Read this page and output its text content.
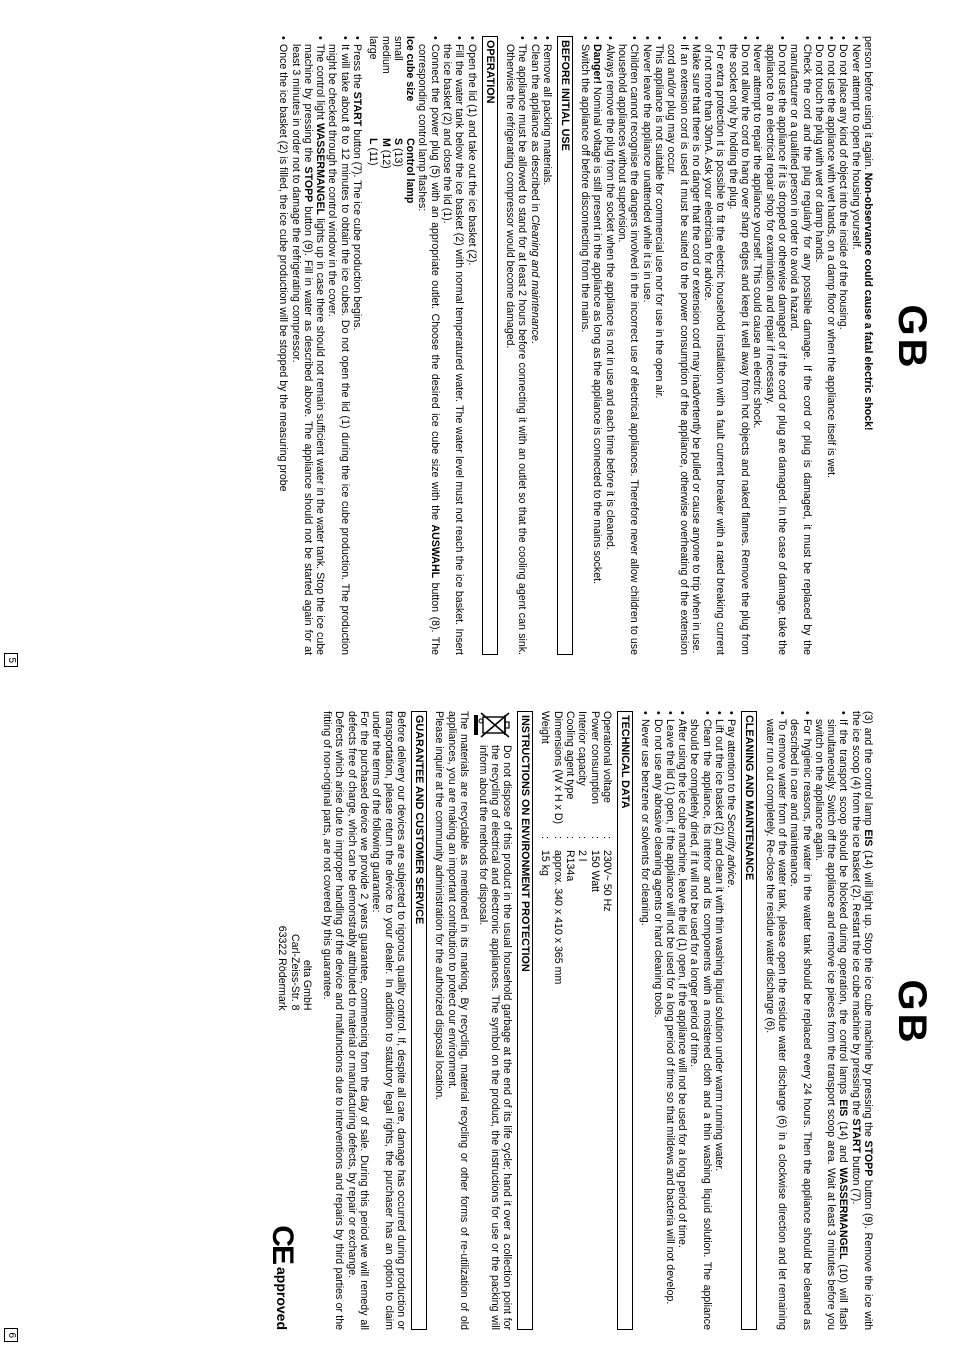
GB

person before using it again. Non-observance could cause a fatal electric shock!

• Never attempt to open the housing yourself.

• Do not place any kind of object into the inside of the housing.

• Do not use the appliance with wet hands, on a damp floor or when the appliance itself is wet.

• Do not touch the plug with wet or damp hands.

• Check the cord and the plug regularly for any possible damage. If the cord or plug is damaged, it must be replaced by the manufacturer or a qualified person in order to avoid a hazard.

• Do not use the appliance if it is dropped or otherwise damaged or if the cord or plug are damaged. In the case of damage, take the appliance to an electrical repair shop for examination and repair if necessary.

• Never attempt to repair the appliance yourself. This could cause an electric shock.

• Do not allow the cord to hang over sharp edges and keep it well away from hot objects and naked flames. Remove the plug from the socket only by holding the plug.

• For extra protection it is possible to fit the electric household installation with a fault current breaker with a rated breaking current of not more than 30mA. Ask your electrician for advice.

• Make sure that there is no danger that the cord or extension cord may inadvertently be pulled or cause anyone to trip when in use.

• If an extension cord is used it must be suited to the power consumption of the appliance, otherwise overheating of the extension cord and/or plug may occur.

• This appliance is not suitable for commercial use nor for use in the open air.

• Never leave the appliance unattended while it is in use.

• Children cannot recognise the dangers involved in the incorrect use of electrical appliances. Therefore never allow children to use household appliances without supervision.

• Always remove the plug from the socket when the appliance is not in use and each time before it is cleaned.

• Danger! Nominal voltage is still present in the appliance as long as the appliance is connected to the mains socket.

• Switch the appliance off before disconnecting from the mains.

BEFORE INITIAL USE

• Remove all packing materials.

• Clean the appliance as described in Cleaning and maintenance.

• The appliance must be allowed to stand for at least 2 hours before connecting it with an outlet so that the cooling agent can sink. Otherwise the refrigerating compressor would become damaged.

OPERATION

• Open the lid (1) and take out the ice basket (2).

• Fill the water tank below the ice basket (2) with normal temperatured water. The water level must not reach the ice basket. Insert the ice basket (2) and close the lid (1).

• Connect the power plug (5) with an appropriate outlet. Choose the desired ice cube size with the AUSWAHL button (8). The corresponding control lamp flashes:

Ice cube size
Control lamp
small
S (13)
medium
M (12)
large
L (11)

• Press the START button (7). The ice cube production begins.

• It will take about 8 to 12 minutes to obtain the ice cubes. Do not open the lid (1) during the ice cube production. The production might be checked through the control window in the cover.

• The control light WASSERMANGEL lights up in case there should not remain sufficient water in the water tank. Stop the ice cube machine by pressing the STOPP button (9). Fill in water as described above. The appliance should not be started again for at least 3 minutes in order not to damage the refrigerating compressor.

• Once the ice basket (2) is filled, the ice cube production will be stopped by the measuring probe

5
GB

(3) and the control lamp EIS (14) will light up. Stop the ice cube machine by pressing the STOPP button (9). Remove the ice with the ice scoop (4) from the ice basket (2). Restart the ice cube machine by pressing the START button (7).

• If the transport scoop should be blocked during operation, the control lamps EIS (14) and WASSERMANGEL (10) will flash simultaneously. Switch off the appliance and remove ice pieces from the transport scoop area. Wait at least 3 minutes before you switch on the appliance again.

• For hygienic reasons, the water in the water tank should be replaced every 24 hours. Then the appliance should be cleaned as described in care and maintenance.

• To remove water from of the water tank, please open the residue water discharge (6) in a clockwise direction and let remaining water run out completely. Re-close the residue water discharge (6).

CLEANING AND MAINTENANCE

• Pay attention to the Security advice.

• Lift out the ice basket (2) and clean it with thin washing liquid solution under warm running water.

• Clean the appliance, its interior and its components with a moistened cloth and a thin washing liquid solution. The appliance should be completely dried, if it will not be used for a longer period of time.

• After using the ice cube machine, leave the lid (1) open, if the appliance will not be used for a long period of time.

• Leave the lid (1) open, if the appliance will not be used for a long period of time so that mildews and bacteria will not develop.

• Do not use any abrasive cleaning agents or hard cleaning tools.

• Never use benzene or solvents for cleaning.

TECHNICAL DATA
Operational voltage
:
230V~ 50 Hz
Power consumption
:
150 Watt
Interior capacity
:
2 l
Cooling agent type
:
R134a
Dimensions (W x H x D)
:
approx. 340 x 410 x 365 mm
Weight
:
15 kg
INSTRUCTIONS ON ENVIRONMENT PROTECTION

Do not dispose of this product in the usual household garbage at the end of its life cycle; hand it over a collection point for the recycling of electrical and electronic appliances. The symbol on the product, the instructions for use or the packing will inform about the methods for disposal.

The materials are recyclable as mentioned in its marking. By recycling, material recycling or other forms of re-utilization of old appliances, you are making an important contribution to protect our environment.

Please inquire at the community administration for the authorized disposal location.

GUARANTEE AND CUSTOMER SERVICE

Before delivery our devices are subjected to rigorous quality control. If, despite all care, damage has occurred during production or transportation, please return the device to your dealer. In addition to statutory legal rights, the purchaser has an option to claim under the terms of the following guarantee:

For the purchased device we provide 2 years guarantee, commencing from the day of sale. During this period we will remedy all defects free of charge, which can be demonstrably attributed to material or manufacturing defects, by repair or exchange.

Defects which arise due to improper handling of the device and malfunctions due to interventions and repairs by third parties or the fitting of non-original parts, are not covered by this guarantee.

elta GmbH
Carl-Zeiss-Str. 8
63322 Rödermark
CE
approved
6
